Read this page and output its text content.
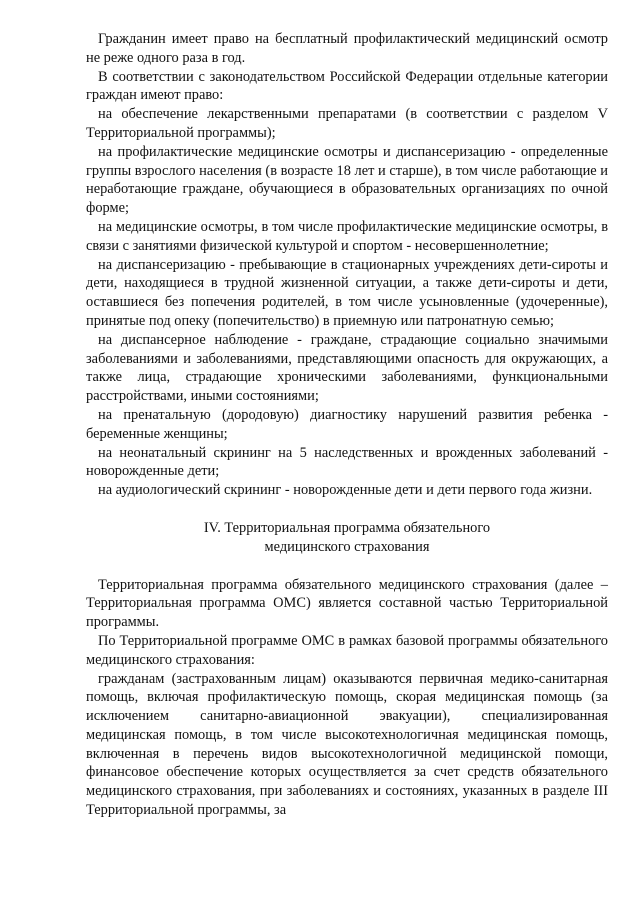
Гражданин имеет право на бесплатный профилактический медицинский осмотр не реже одного раза в год.

В соответствии с законодательством Российской Федерации отдельные категории граждан имеют право:

на обеспечение лекарственными препаратами (в соответствии с разделом V Территориальной программы);

на профилактические медицинские осмотры и диспансеризацию - определенные группы взрослого населения (в возрасте 18 лет и старше), в том числе работающие и неработающие граждане, обучающиеся в образовательных организациях по очной форме;

на медицинские осмотры, в том числе профилактические медицинские осмотры, в связи с занятиями физической культурой и спортом - несовершеннолетние;

на диспансеризацию - пребывающие в стационарных учреждениях дети-сироты и дети, находящиеся в трудной жизненной ситуации, а также дети-сироты и дети, оставшиеся без попечения родителей, в том числе усыновленные (удочеренные), принятые под опеку (попечительство) в приемную или патронатную семью;

на диспансерное наблюдение - граждане, страдающие социально значимыми заболеваниями и заболеваниями, представляющими опасность для окружающих, а также лица, страдающие хроническими заболеваниями, функциональными расстройствами, иными состояниями;

на пренатальную (дородовую) диагностику нарушений развития ребенка - беременные женщины;

на неонатальный скрининг на 5 наследственных и врожденных заболеваний - новорожденные дети;

на аудиологический скрининг - новорожденные дети и дети первого года жизни.

IV. Территориальная программа обязательного
медицинского страхования

Территориальная программа обязательного медицинского страхования (далее – Территориальная программа ОМС) является составной частью Территориальной программы.

По Территориальной программе ОМС в рамках базовой программы обязательного медицинского страхования:

гражданам (застрахованным лицам) оказываются первичная медико-санитарная помощь, включая профилактическую помощь, скорая медицинская помощь (за исключением санитарно-авиационной эвакуации), специализированная медицинская помощь, в том числе высокотехнологичная медицинская помощь, включенная в перечень видов высокотехнологичной медицинской помощи, финансовое обеспечение которых осуществляется за счет средств обязательного медицинского страхования, при заболеваниях и состояниях, указанных в разделе III Территориальной программы, за
